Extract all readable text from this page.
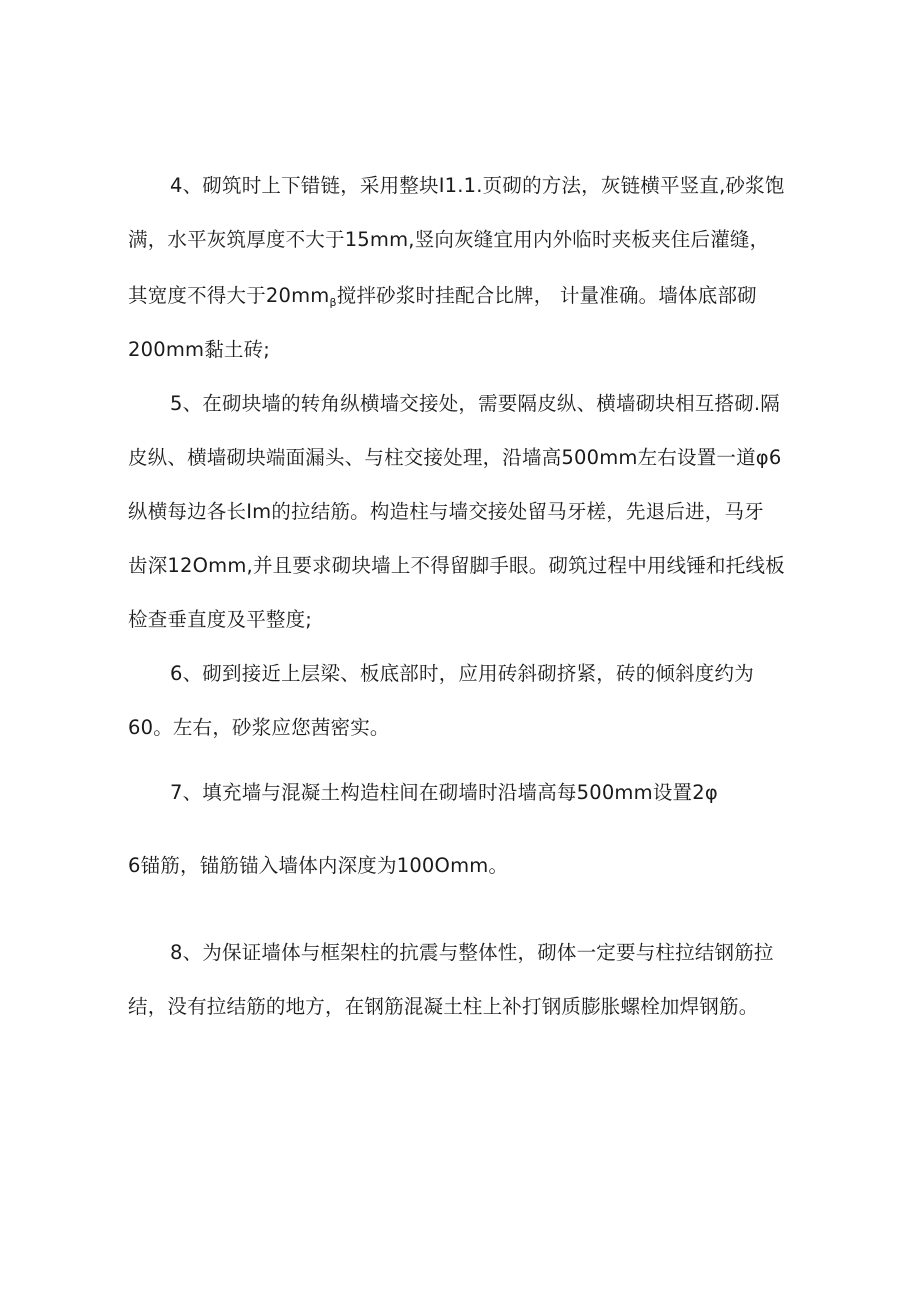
4、砌筑时上下错链，采用整块I1.1.页砌的方法，灰链横平竖直,砂浆饱
满，水平灰筑厚度不大于15mm,竖向灰缝宜用内外临时夹板夹住后灌缝，
其宽度不得大于$20mm_\beta$搅拌砂浆时挂配合比牌， 计量准确。墙体底部砌
200mm黏土砖;
5、在砌块墙的转角纵横墙交接处，需要隔皮纵、横墙砌块相互搭砌.隔
皮纵、横墙砌块端面漏头、与柱交接处理，沿墙高500mm左右设置一道φ6
纵横每边各长Im的拉结筋。构造柱与墙交接处留马牙槎，先退后进，马牙
齿深12Omm,并且要求砌块墙上不得留脚手眼。砌筑过程中用线锤和托线板
检查垂直度及平整度;
6、砌到接近上层梁、板底部时，应用砖斜砌挤紧，砖的倾斜度约为
60。左右，砂浆应您茜密实。
7、填充墙与混凝土构造柱间在砌墙时沿墙高每500mm设置2φ
6锚筋，锚筋锚入墙体内深度为100Omm。
8、为保证墙体与框架柱的抗震与整体性，砌体一定要与柱拉结钢筋拉
结，没有拉结筋的地方，在钢筋混凝土柱上补打钢质膨胀螺栓加焊钢筋。
